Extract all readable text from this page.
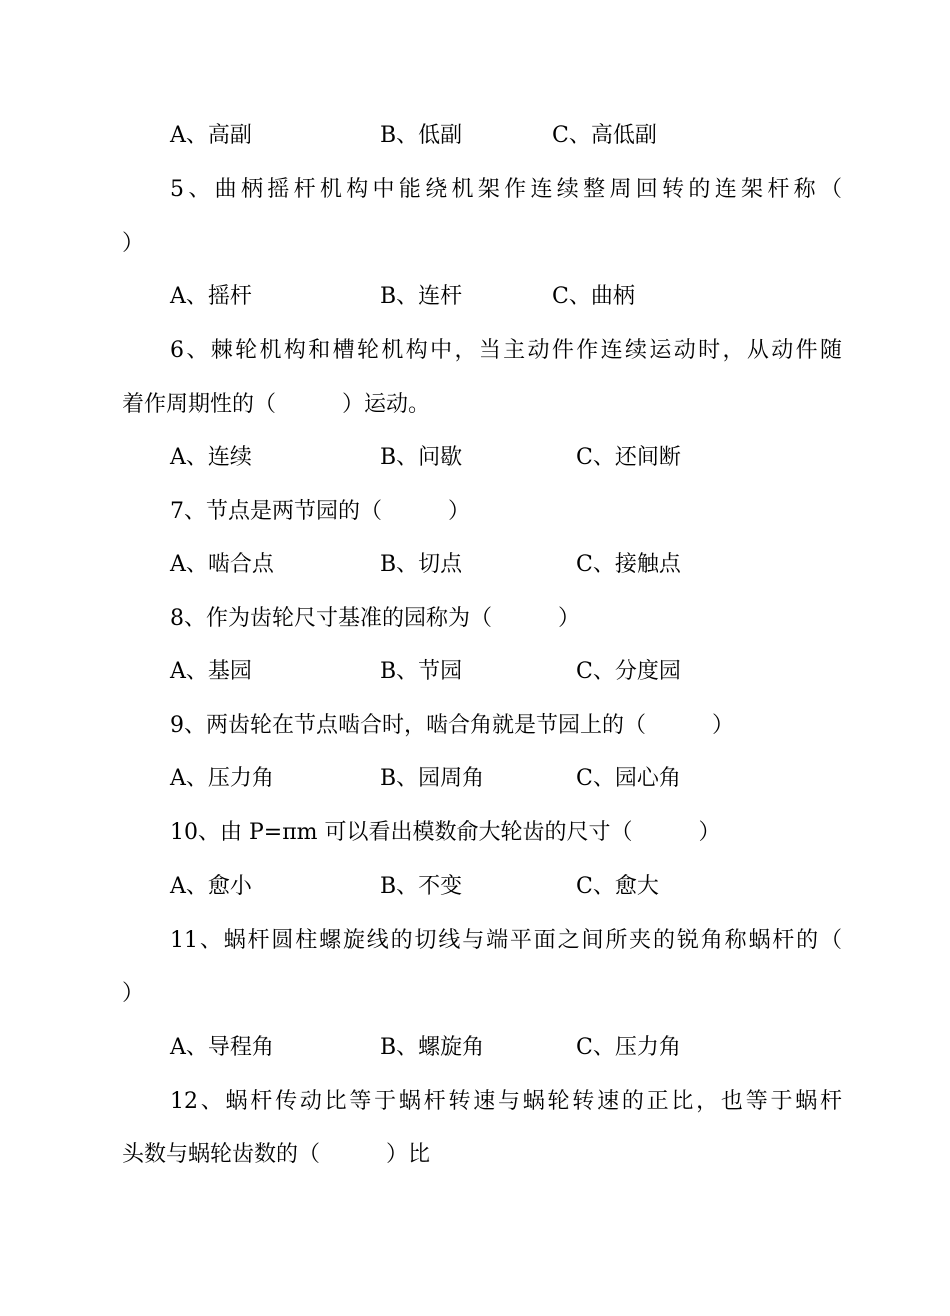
A、高副	B、低副	C、高低副
5、曲柄摇杆机构中能绕机架作连续整周回转的连架杆称（
）
A、摇杆	B、连杆	C、曲柄
6、棘轮机构和槽轮机构中，当主动件作连续运动时，从动件随
着作周期性的（　　　）运动。
A、连续	B、问歇	C、还间断
7、节点是两节园的（　　　）
A、啮合点	B、切点	C、接触点
8、作为齿轮尺寸基准的园称为（　　　）
A、基园	B、节园	C、分度园
9、两齿轮在节点啮合时，啮合角就是节园上的（　　　）
A、压力角	B、园周角	C、园心角
10、由 P=πm 可以看出模数俞大轮齿的尺寸（　　　）
A、愈小	B、不变	C、愈大
11、蜗杆圆柱螺旋线的切线与端平面之间所夹的锐角称蜗杆的（
）
A、导程角	B、螺旋角	C、压力角
12、蜗杆传动比等于蜗杆转速与蜗轮转速的正比，也等于蜗杆
头数与蜗轮齿数的（　　　）比
